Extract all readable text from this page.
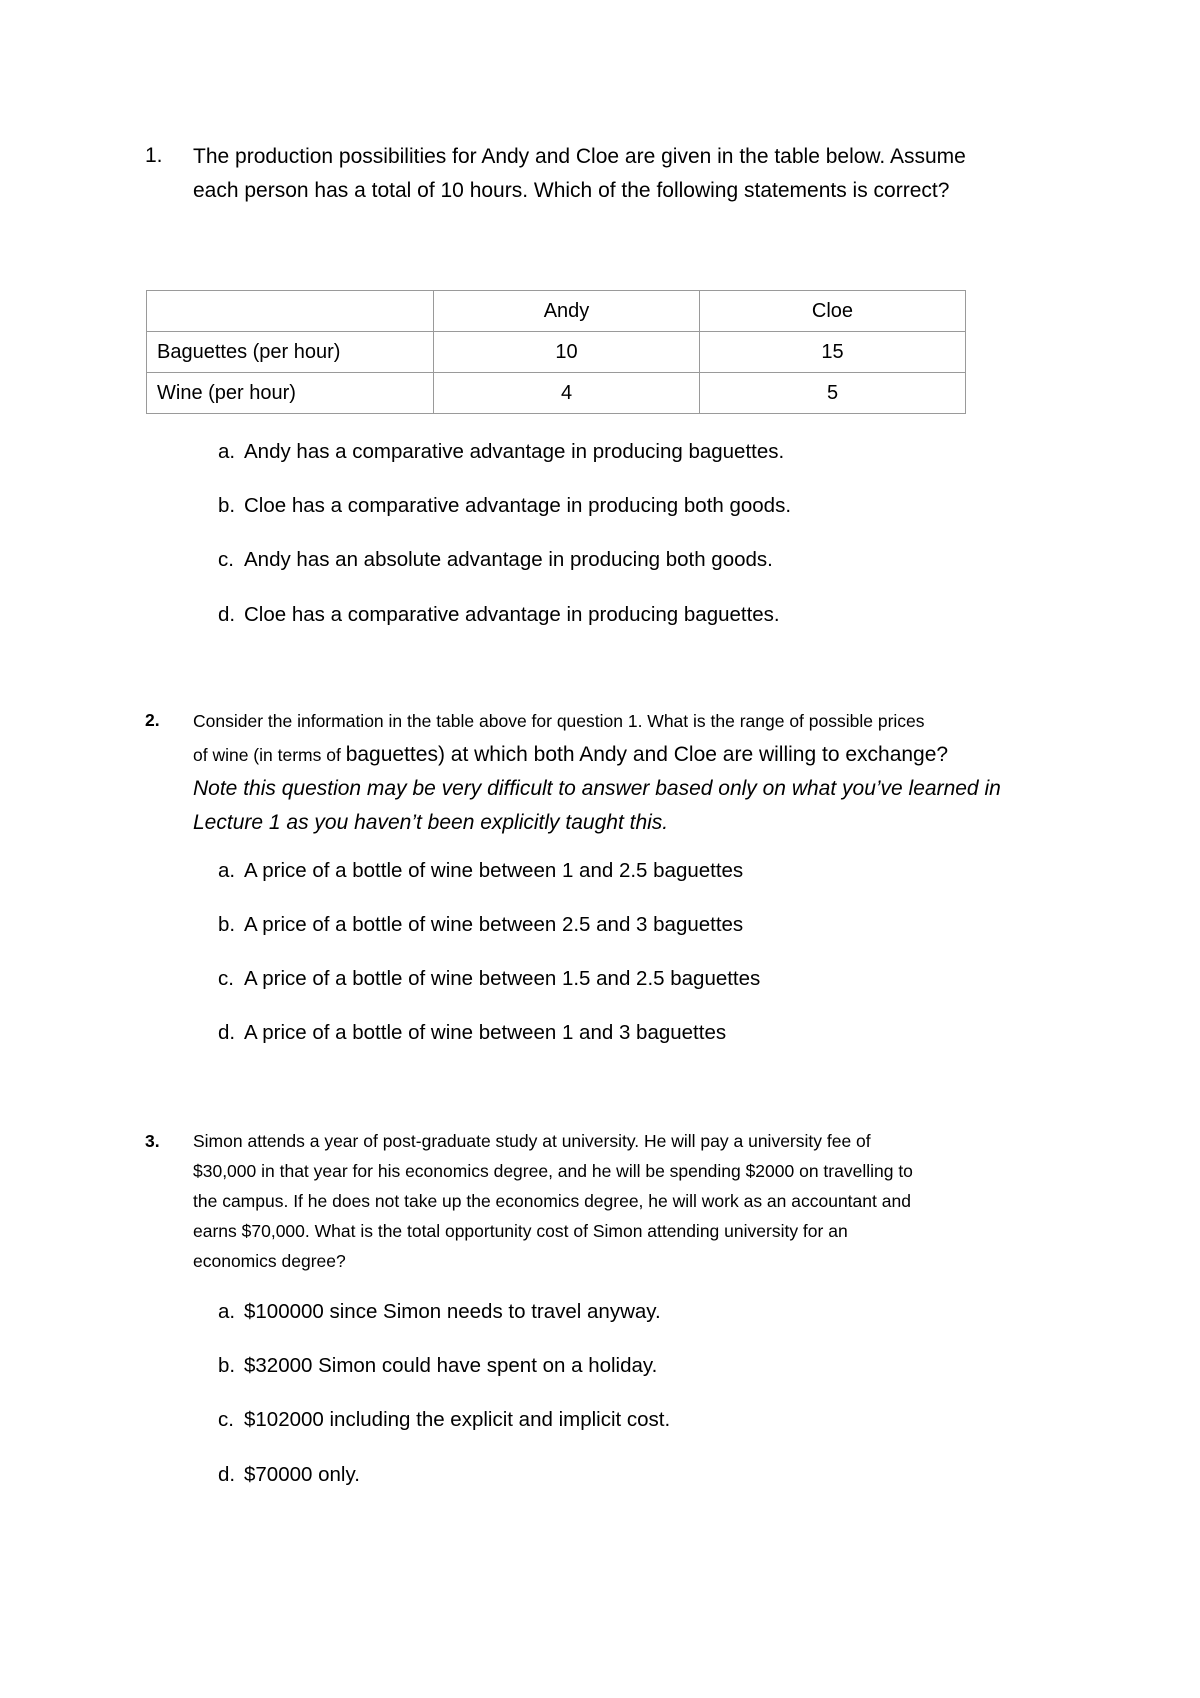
1. The production possibilities for Andy and Cloe are given in the table below. Assume
each person has a total of 10 hours. Which of the following statements is correct?
	Andy	Cloe
Baguettes (per hour)	10	15
Wine (per hour)	4	5
a. Andy has a comparative advantage in producing baguettes.
b. Cloe has a comparative advantage in producing both goods.
c. Andy has an absolute advantage in producing both goods.
d. Cloe has a comparative advantage in producing baguettes.
2. Consider the information in the table above for question 1. What is the range of possible prices
of wine (in terms of baguettes) at which both Andy and Cloe are willing to exchange?
Note this question may be very difficult to answer based only on what you’ve learned in
Lecture 1 as you haven’t been explicitly taught this.
a. A price of a bottle of wine between 1 and 2.5 baguettes
b. A price of a bottle of wine between 2.5 and 3 baguettes
c. A price of a bottle of wine between 1.5 and 2.5 baguettes
d. A price of a bottle of wine between 1 and 3 baguettes
3. Simon attends a year of post-graduate study at university. He will pay a university fee of
$30,000 in that year for his economics degree, and he will be spending $2000 on travelling to
the campus. If he does not take up the economics degree, he will work as an accountant and
earns $70,000. What is the total opportunity cost of Simon attending university for an
economics degree?
a. $100000 since Simon needs to travel anyway.
b. $32000 Simon could have spent on a holiday.
c. $102000 including the explicit and implicit cost.
d. $70000 only.
